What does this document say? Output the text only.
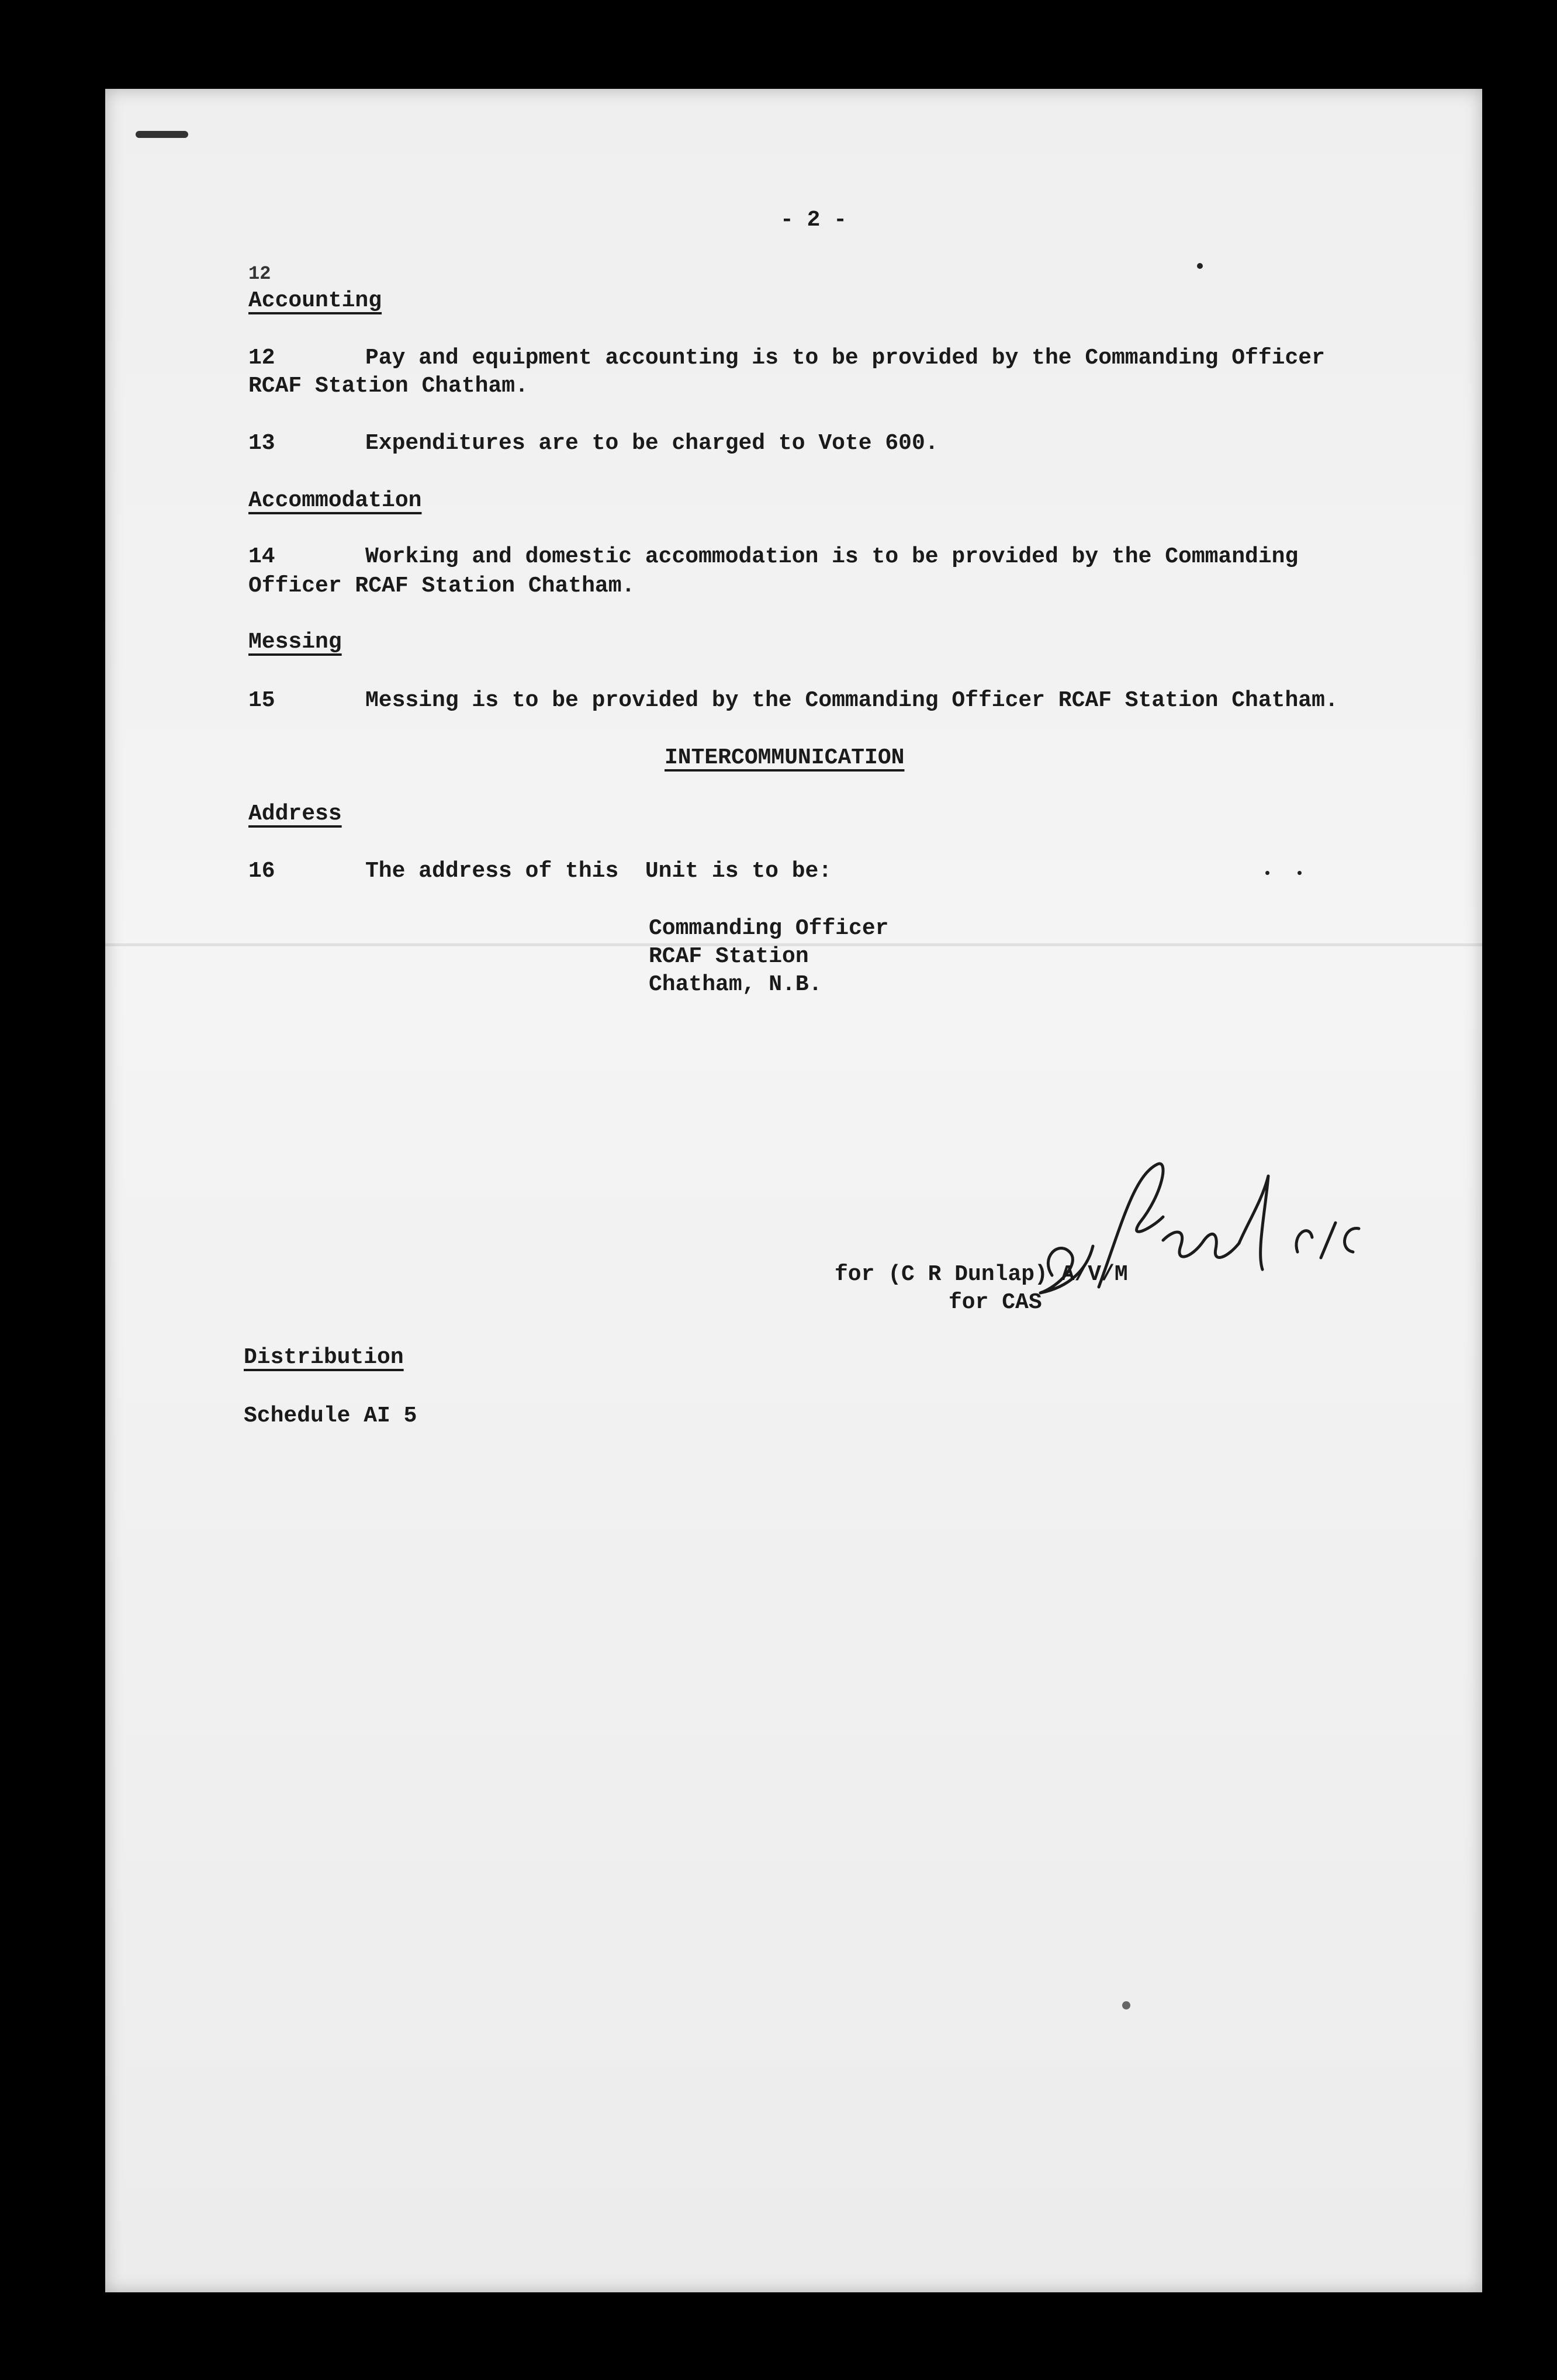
- 2 -
12
Accounting
12	Pay and equipment accounting is to be provided by the Commanding Officer
RCAF Station Chatham.
13	Expenditures are to be charged to Vote 600.
Accommodation
14	Working and domestic accommodation is to be provided by the Commanding
Officer RCAF Station Chatham.
Messing
15	Messing is to be provided by the Commanding Officer RCAF Station Chatham.
INTERCOMMUNICATION
Address
16	The address of this  Unit is to be:
Commanding Officer
RCAF Station
Chatham, N.B.
for (C R Dunlap) A/V/M
for CAS
Distribution
Schedule AI 5
